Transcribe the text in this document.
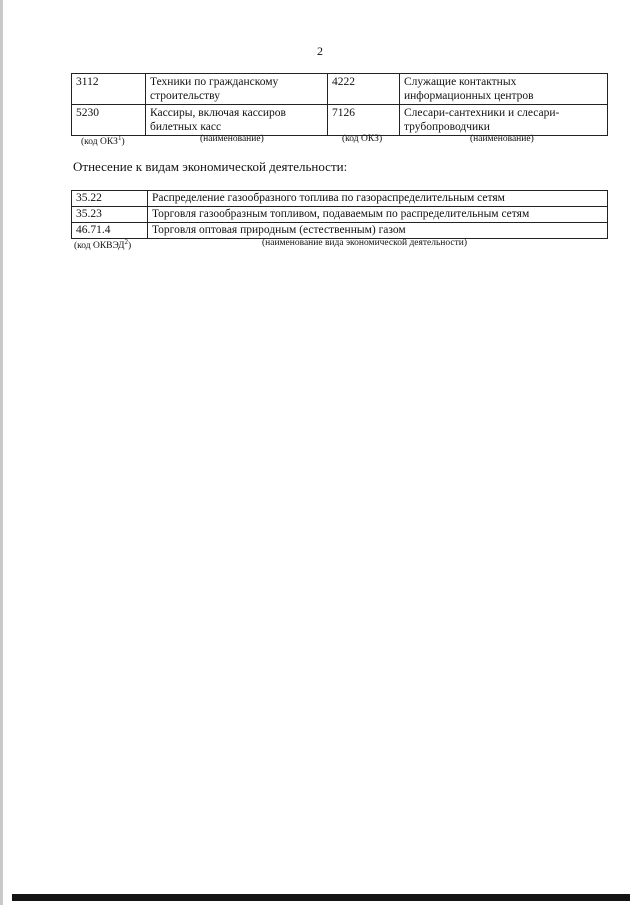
2
3112	Техники по гражданскому строительству	4222	Служащие контактных информационных центров
5230	Кассиры, включая кассиров билетных касс	7126	Слесари-сантехники и слесари-трубопроводчики
(код ОКЗ$^1$)	(наименование)	(код ОКЗ)	(наименование)
Отнесение к видам экономической деятельности:
35.22	Распределение газообразного топлива по газораспределительным сетям
35.23	Торговля газообразным топливом, подаваемым по распределительным сетям
46.71.4	Торговля оптовая природным (естественным) газом
(код ОКВЭД$^2$)	(наименование вида экономической деятельности)
